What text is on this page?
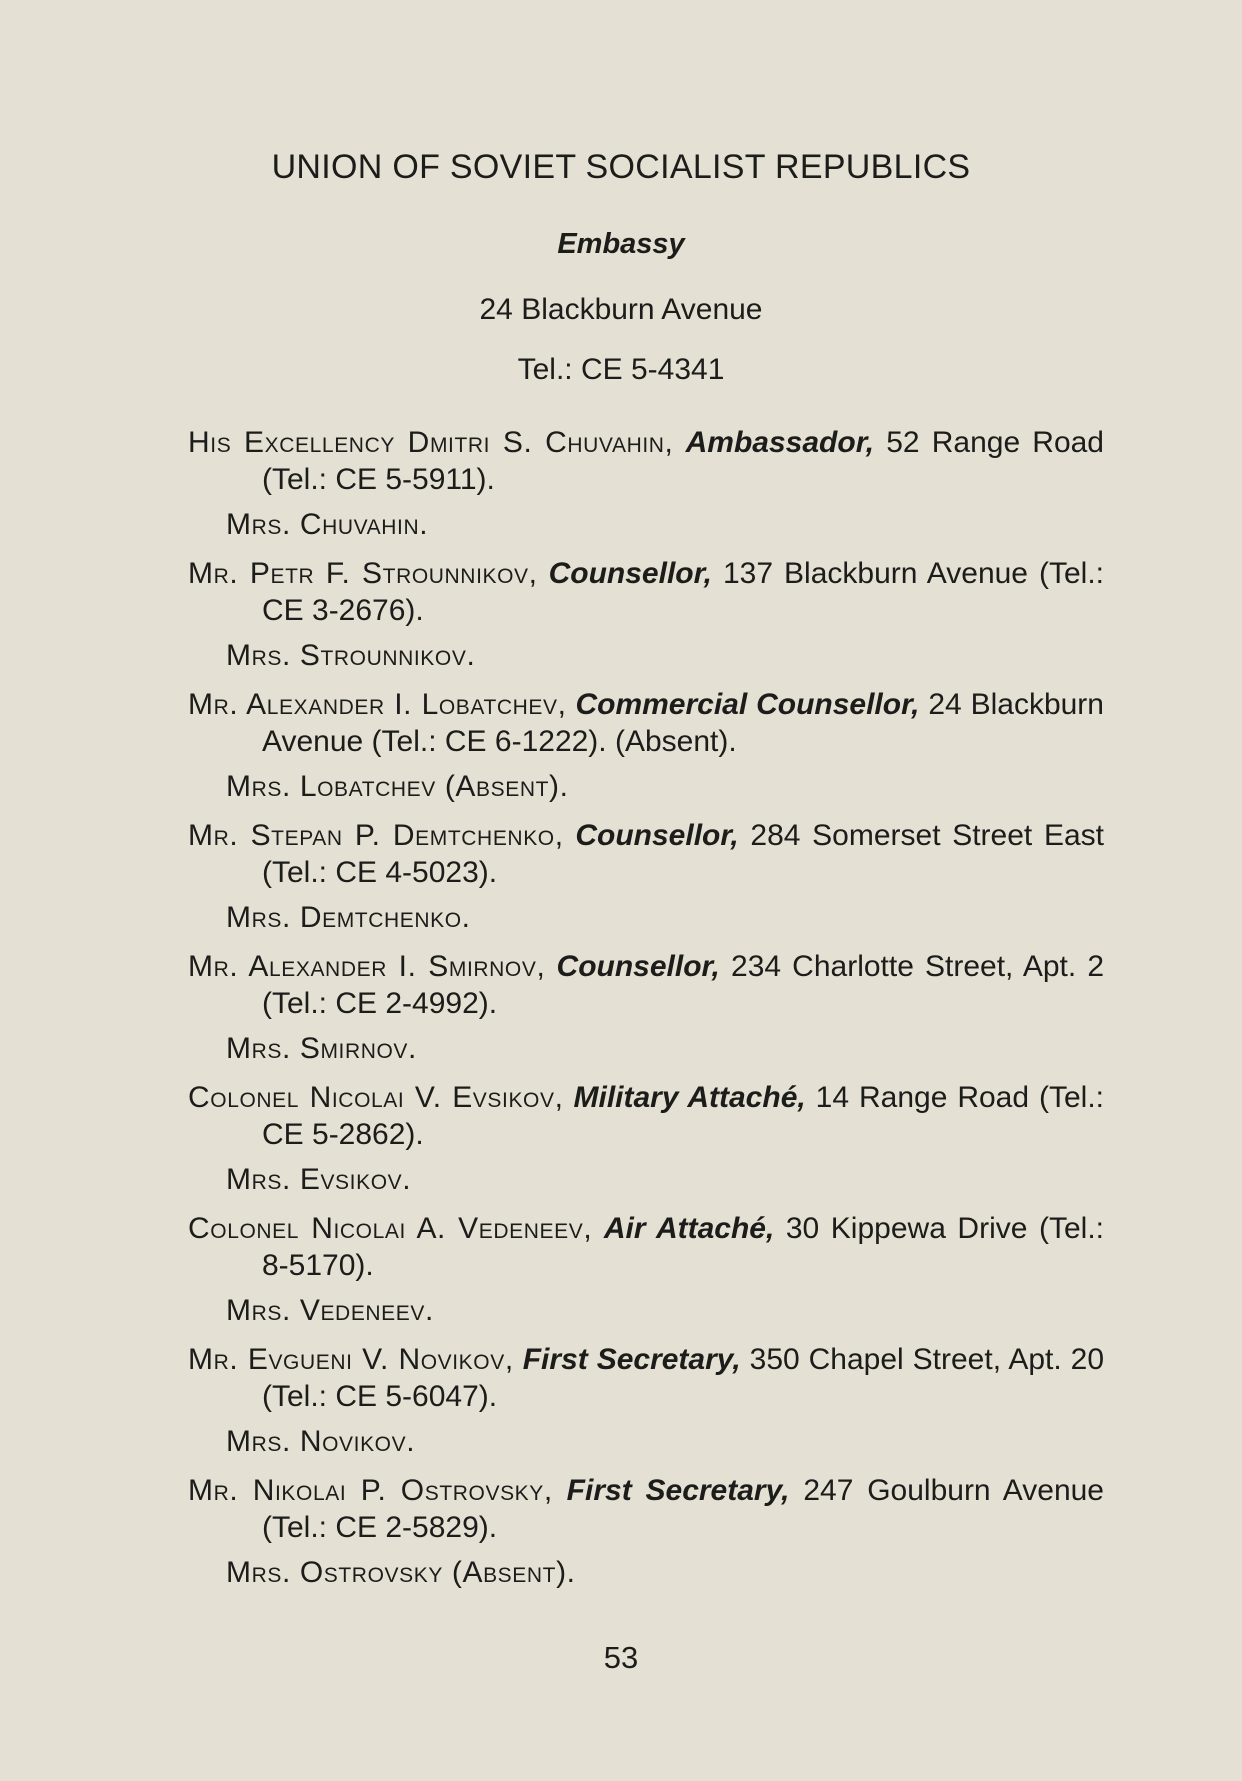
UNION OF SOVIET SOCIALIST REPUBLICS
Embassy
24 Blackburn Avenue
Tel.: CE 5-4341
His Excellency Dmitri S. Chuvahin, Ambassador, 52 Range Road (Tel.: CE 5-5911).
Mrs. Chuvahin.
Mr. Petr F. Strounnikov, Counsellor, 137 Blackburn Avenue (Tel.: CE 3-2676).
Mrs. Strounnikov.
Mr. Alexander I. Lobatchev, Commercial Counsellor, 24 Blackburn Avenue (Tel.: CE 6-1222). (Absent).
Mrs. Lobatchev (Absent).
Mr. Stepan P. Demtchenko, Counsellor, 284 Somerset Street East (Tel.: CE 4-5023).
Mrs. Demtchenko.
Mr. Alexander I. Smirnov, Counsellor, 234 Charlotte Street, Apt. 2 (Tel.: CE 2-4992).
Mrs. Smirnov.
Colonel Nicolai V. Evsikov, Military Attaché, 14 Range Road (Tel.: CE 5-2862).
Mrs. Evsikov.
Colonel Nicolai A. Vedeneev, Air Attaché, 30 Kippewa Drive (Tel.: 8-5170).
Mrs. Vedeneev.
Mr. Evgueni V. Novikov, First Secretary, 350 Chapel Street, Apt. 20 (Tel.: CE 5-6047).
Mrs. Novikov.
Mr. Nikolai P. Ostrovsky, First Secretary, 247 Goulburn Avenue (Tel.: CE 2-5829).
Mrs. Ostrovsky (Absent).
53
